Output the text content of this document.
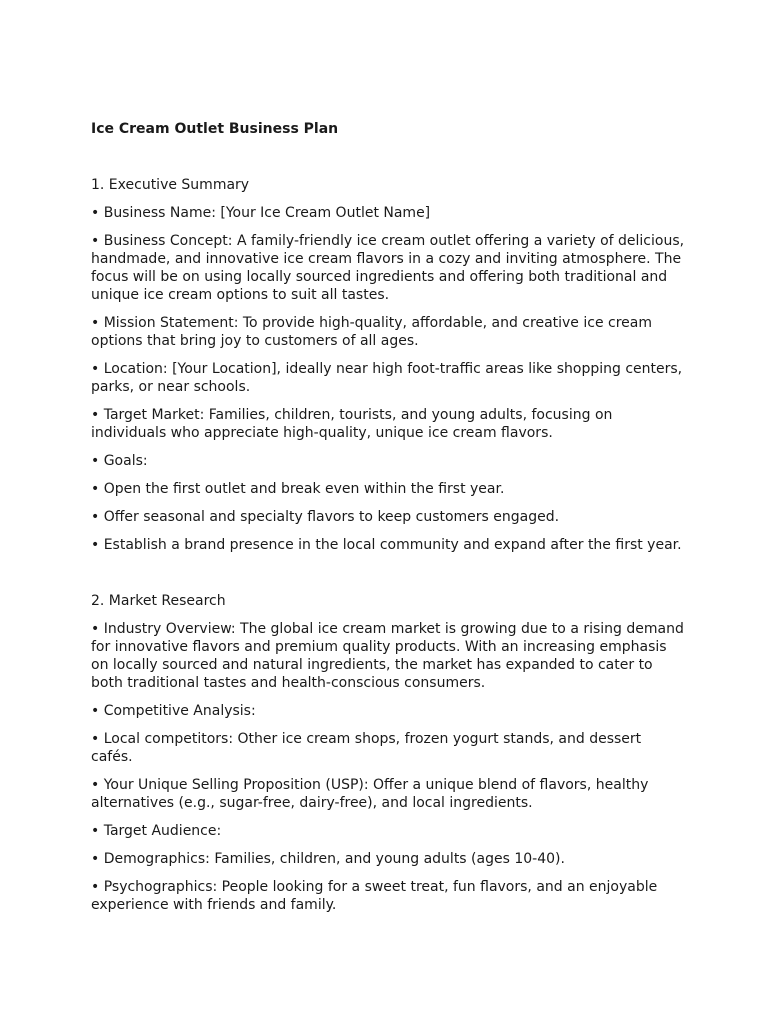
Ice Cream Outlet Business Plan

1. Executive Summary

• Business Name: [Your Ice Cream Outlet Name]

• Business Concept: A family-friendly ice cream outlet offering a variety of delicious, handmade, and innovative ice cream flavors in a cozy and inviting atmosphere. The focus will be on using locally sourced ingredients and offering both traditional and unique ice cream options to suit all tastes.

• Mission Statement: To provide high-quality, affordable, and creative ice cream options that bring joy to customers of all ages.

• Location: [Your Location], ideally near high foot-traffic areas like shopping centers, parks, or near schools.

• Target Market: Families, children, tourists, and young adults, focusing on individuals who appreciate high-quality, unique ice cream flavors.

• Goals:

• Open the first outlet and break even within the first year.

• Offer seasonal and specialty flavors to keep customers engaged.

• Establish a brand presence in the local community and expand after the first year.

2. Market Research

• Industry Overview: The global ice cream market is growing due to a rising demand for innovative flavors and premium quality products. With an increasing emphasis on locally sourced and natural ingredients, the market has expanded to cater to both traditional tastes and health-conscious consumers.

• Competitive Analysis:

• Local competitors: Other ice cream shops, frozen yogurt stands, and dessert cafés.

• Your Unique Selling Proposition (USP): Offer a unique blend of flavors, healthy alternatives (e.g., sugar-free, dairy-free), and local ingredients.

• Target Audience:

• Demographics: Families, children, and young adults (ages 10-40).

• Psychographics: People looking for a sweet treat, fun flavors, and an enjoyable experience with friends and family.
